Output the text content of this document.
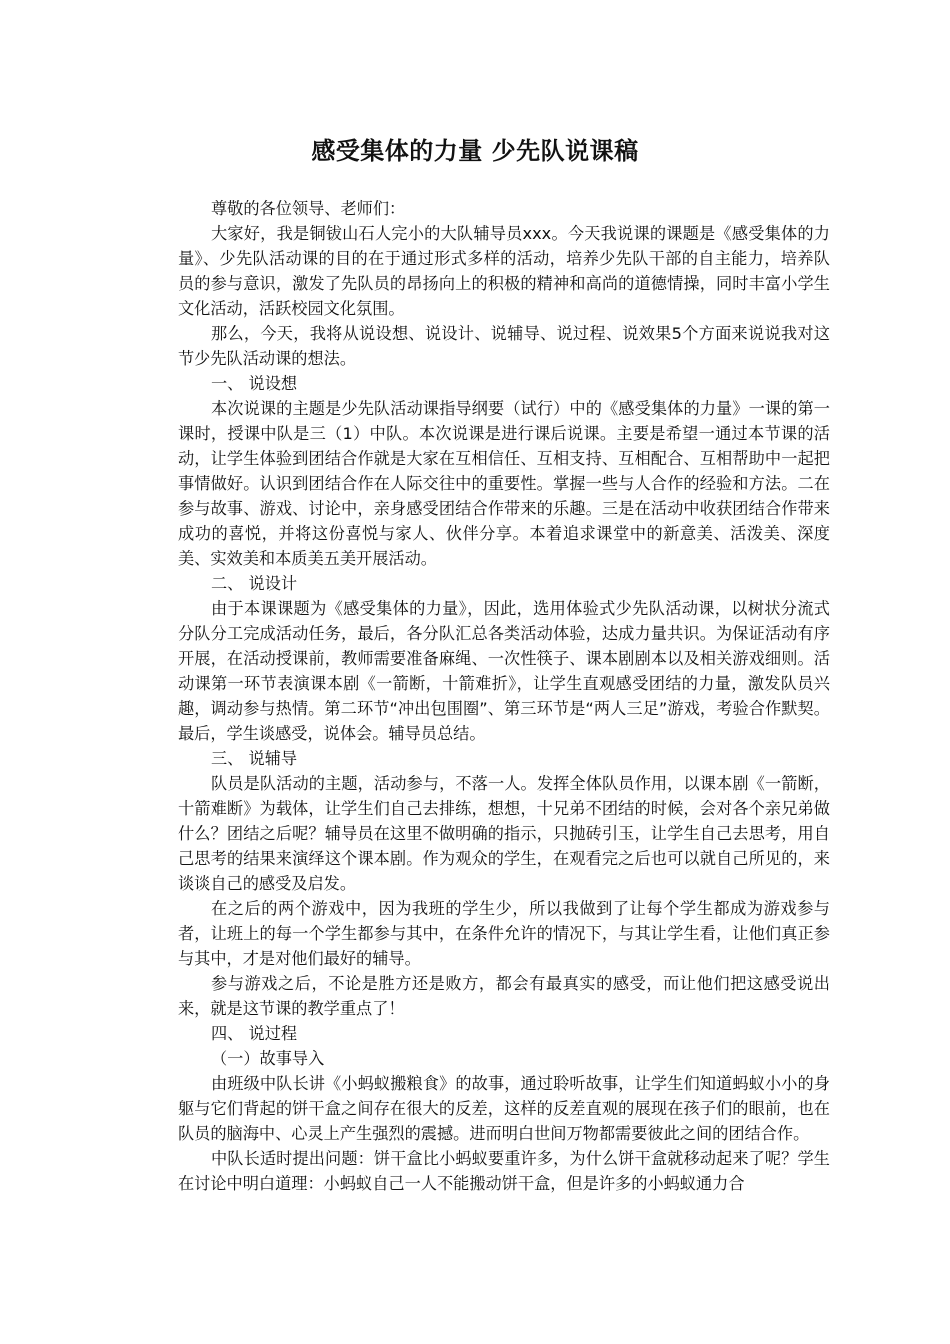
感受集体的力量 少先队说课稿

尊敬的各位领导、老师们：

大家好，我是铜钹山石人完小的大队辅导员xxx。今天我说课的课题是《感受集体的力量》、少先队活动课的目的在于通过形式多样的活动，培养少先队干部的自主能力，培养队员的参与意识，激发了先队员的昂扬向上的积极的精神和高尚的道德情操，同时丰富小学生文化活动，活跃校园文化氛围。

那么，今天，我将从说设想、说设计、说辅导、说过程、说效果5个方面来说说我对这节少先队活动课的想法。

一、 说设想

本次说课的主题是少先队活动课指导纲要（试行）中的《感受集体的力量》一课的第一课时，授课中队是三（1）中队。本次说课是进行课后说课。主要是希望一通过本节课的活动，让学生体验到团结合作就是大家在互相信任、互相支持、互相配合、互相帮助中一起把事情做好。认识到团结合作在人际交往中的重要性。掌握一些与人合作的经验和方法。二在参与故事、游戏、讨论中，亲身感受团结合作带来的乐趣。三是在活动中收获团结合作带来成功的喜悦，并将这份喜悦与家人、伙伴分享。本着追求课堂中的新意美、活泼美、深度美、实效美和本质美五美开展活动。

二、 说设计

由于本课课题为《感受集体的力量》，因此，选用体验式少先队活动课，以树状分流式分队分工完成活动任务，最后，各分队汇总各类活动体验，达成力量共识。为保证活动有序开展，在活动授课前，教师需要准备麻绳、一次性筷子、课本剧剧本以及相关游戏细则。活动课第一环节表演课本剧《一箭断，十箭难折》，让学生直观感受团结的力量，激发队员兴趣，调动参与热情。第二环节“冲出包围圈”、第三环节是“两人三足”游戏，考验合作默契。最后，学生谈感受，说体会。辅导员总结。

三、 说辅导

队员是队活动的主题，活动参与，不落一人。发挥全体队员作用，以课本剧《一箭断，十箭难断》为载体，让学生们自己去排练，想想，十兄弟不团结的时候，会对各个亲兄弟做什么？团结之后呢？辅导员在这里不做明确的指示，只抛砖引玉，让学生自己去思考，用自己思考的结果来演绎这个课本剧。作为观众的学生，在观看完之后也可以就自己所见的，来谈谈自己的感受及启发。

在之后的两个游戏中，因为我班的学生少，所以我做到了让每个学生都成为游戏参与者，让班上的每一个学生都参与其中，在条件允许的情况下，与其让学生看，让他们真正参与其中，才是对他们最好的辅导。

参与游戏之后，不论是胜方还是败方，都会有最真实的感受，而让他们把这感受说出来，就是这节课的教学重点了！

四、 说过程

（一）故事导入

由班级中队长讲《小蚂蚁搬粮食》的故事，通过聆听故事，让学生们知道蚂蚁小小的身躯与它们背起的饼干盒之间存在很大的反差，这样的反差直观的展现在孩子们的眼前，也在队员的脑海中、心灵上产生强烈的震撼。进而明白世间万物都需要彼此之间的团结合作。

中队长适时提出问题：饼干盒比小蚂蚁要重许多，为什么饼干盒就移动起来了呢？学生在讨论中明白道理：小蚂蚁自己一人不能搬动饼干盒，但是许多的小蚂蚁通力合
